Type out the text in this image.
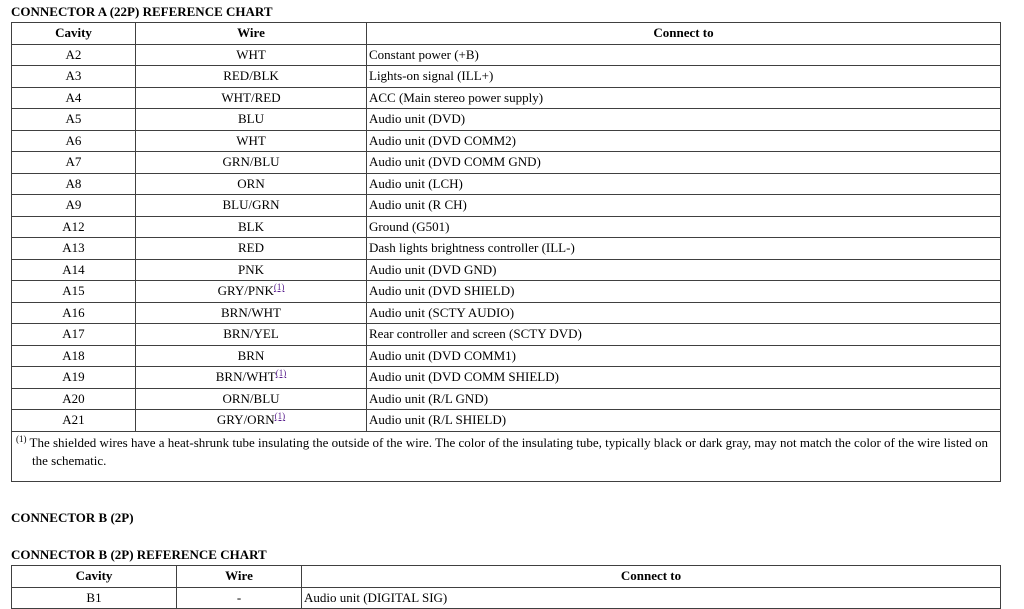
CONNECTOR A (22P) REFERENCE CHART
Cavity	Wire	Connect to
A2	WHT	Constant power (+B)
A3	RED/BLK	Lights-on signal (ILL+)
A4	WHT/RED	ACC (Main stereo power supply)
A5	BLU	Audio unit (DVD)
A6	WHT	Audio unit (DVD COMM2)
A7	GRN/BLU	Audio unit (DVD COMM GND)
A8	ORN	Audio unit (LCH)
A9	BLU/GRN	Audio unit (R CH)
A12	BLK	Ground (G501)
A13	RED	Dash lights brightness controller (ILL-)
A14	PNK	Audio unit (DVD GND)
A15	GRY/PNK$^{(1)}$	Audio unit (DVD SHIELD)
A16	BRN/WHT	Audio unit (SCTY AUDIO)
A17	BRN/YEL	Rear controller and screen (SCTY DVD)
A18	BRN	Audio unit (DVD COMM1)
A19	BRN/WHT$^{(1)}$	Audio unit (DVD COMM SHIELD)
A20	ORN/BLU	Audio unit (R/L GND)
A21	GRY/ORN$^{(1)}$	Audio unit (R/L SHIELD)
$^{(1)}$ The shielded wires have a heat-shrunk tube insulating the outside of the wire. The color of the insulating tube, typically black or dark gray, may not match the color of the wire listed on the schematic.		
CONNECTOR B (2P)
CONNECTOR B (2P) REFERENCE CHART
Cavity	Wire	Connect to
B1	-	Audio unit (DIGITAL SIG)
